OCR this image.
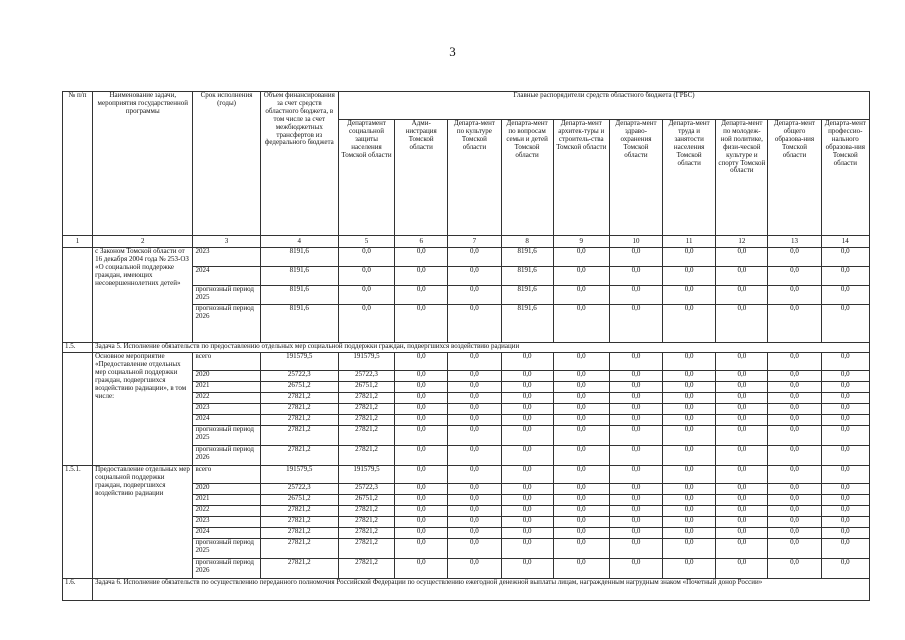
3
№ п/п	Наименование задачи, мероприятия государственной программы	Срок исполнения (годы)	Объем финансирования за счет средств областного бюджета, в том числе за счет межбюджетных трансфертов из федерального бюджета	Главные распорядители средств областного бюджета (ГРБС)									
				Департамент социальной защиты населения Томской области	Адми-нистрация Томской области	Департа-мент по культуре Томской области	Департа-мент по вопросам семьи и детей Томской области	Департа-мент архитек-туры и строитель-ства Томской области	Департа-мент здраво-охранения Томской области	Департа-мент труда и занятости населения Томской области	Департа-мент по молодеж-ной политике, физи-ческой культуре и спорту Томской области	Департа-мент общего образова-ния Томской области	Департа-мент профессио-нального образова-ния Томской области
1	2	3	4	5	6	7	8	9	10	11	12	13	14
	с Законом Томской области от 16 декабря 2004 года № 253-ОЗ «О социальной поддержке граждан, имеющих несовершеннолетних детей»	2023	8191,6	0,0	0,0	0,0	8191,6	0,0	0,0	0,0	0,0	0,0	0,0
		2024	8191,6	0,0	0,0	0,0	8191,6	0,0	0,0	0,0	0,0	0,0	0,0
		прогнозный период 2025	8191,6	0,0	0,0	0,0	8191,6	0,0	0,0	0,0	0,0	0,0	0,0
		прогнозный период 2026	8191,6	0,0	0,0	0,0	8191,6	0,0	0,0	0,0	0,0	0,0	0,0
1.5.	Задача 5. Исполнение обязательств по предоставлению отдельных мер социальной поддержки граждан, подвергшихся воздействию радиации												
	Основное мероприятие «Предоставление отдельных мер социальной поддержки граждан, подвергшихся воздействию радиации», в том числе:	всего	191579,5	191579,5	0,0	0,0	0,0	0,0	0,0	0,0	0,0	0,0	0,0
		2020	25722,3	25722,3	0,0	0,0	0,0	0,0	0,0	0,0	0,0	0,0	0,0
		2021	26751,2	26751,2	0,0	0,0	0,0	0,0	0,0	0,0	0,0	0,0	0,0
		2022	27821,2	27821,2	0,0	0,0	0,0	0,0	0,0	0,0	0,0	0,0	0,0
		2023	27821,2	27821,2	0,0	0,0	0,0	0,0	0,0	0,0	0,0	0,0	0,0
		2024	27821,2	27821,2	0,0	0,0	0,0	0,0	0,0	0,0	0,0	0,0	0,0
		прогнозный период 2025	27821,2	27821,2	0,0	0,0	0,0	0,0	0,0	0,0	0,0	0,0	0,0
		прогнозный период 2026	27821,2	27821,2	0,0	0,0	0,0	0,0	0,0	0,0	0,0	0,0	0,0
1.5.1.	Предоставление отдельных мер социальной поддержки граждан, подвергшихся воздействию радиации	всего	191579,5	191579,5	0,0	0,0	0,0	0,0	0,0	0,0	0,0	0,0	0,0
		2020	25722,3	25722,3	0,0	0,0	0,0	0,0	0,0	0,0	0,0	0,0	0,0
		2021	26751,2	26751,2	0,0	0,0	0,0	0,0	0,0	0,0	0,0	0,0	0,0
		2022	27821,2	27821,2	0,0	0,0	0,0	0,0	0,0	0,0	0,0	0,0	0,0
		2023	27821,2	27821,2	0,0	0,0	0,0	0,0	0,0	0,0	0,0	0,0	0,0
		2024	27821,2	27821,2	0,0	0,0	0,0	0,0	0,0	0,0	0,0	0,0	0,0
		прогнозный период 2025	27821,2	27821,2	0,0	0,0	0,0	0,0	0,0	0,0	0,0	0,0	0,0
		прогнозный период 2026	27821,2	27821,2	0,0	0,0	0,0	0,0	0,0	0,0	0,0	0,0	0,0
1.6.	Задача 6. Исполнение обязательств по осуществлению переданного полномочия Российской Федерации по осуществлению ежегодной денежной выплаты лицам, награжденным нагрудным знаком «Почетный донор России»												
